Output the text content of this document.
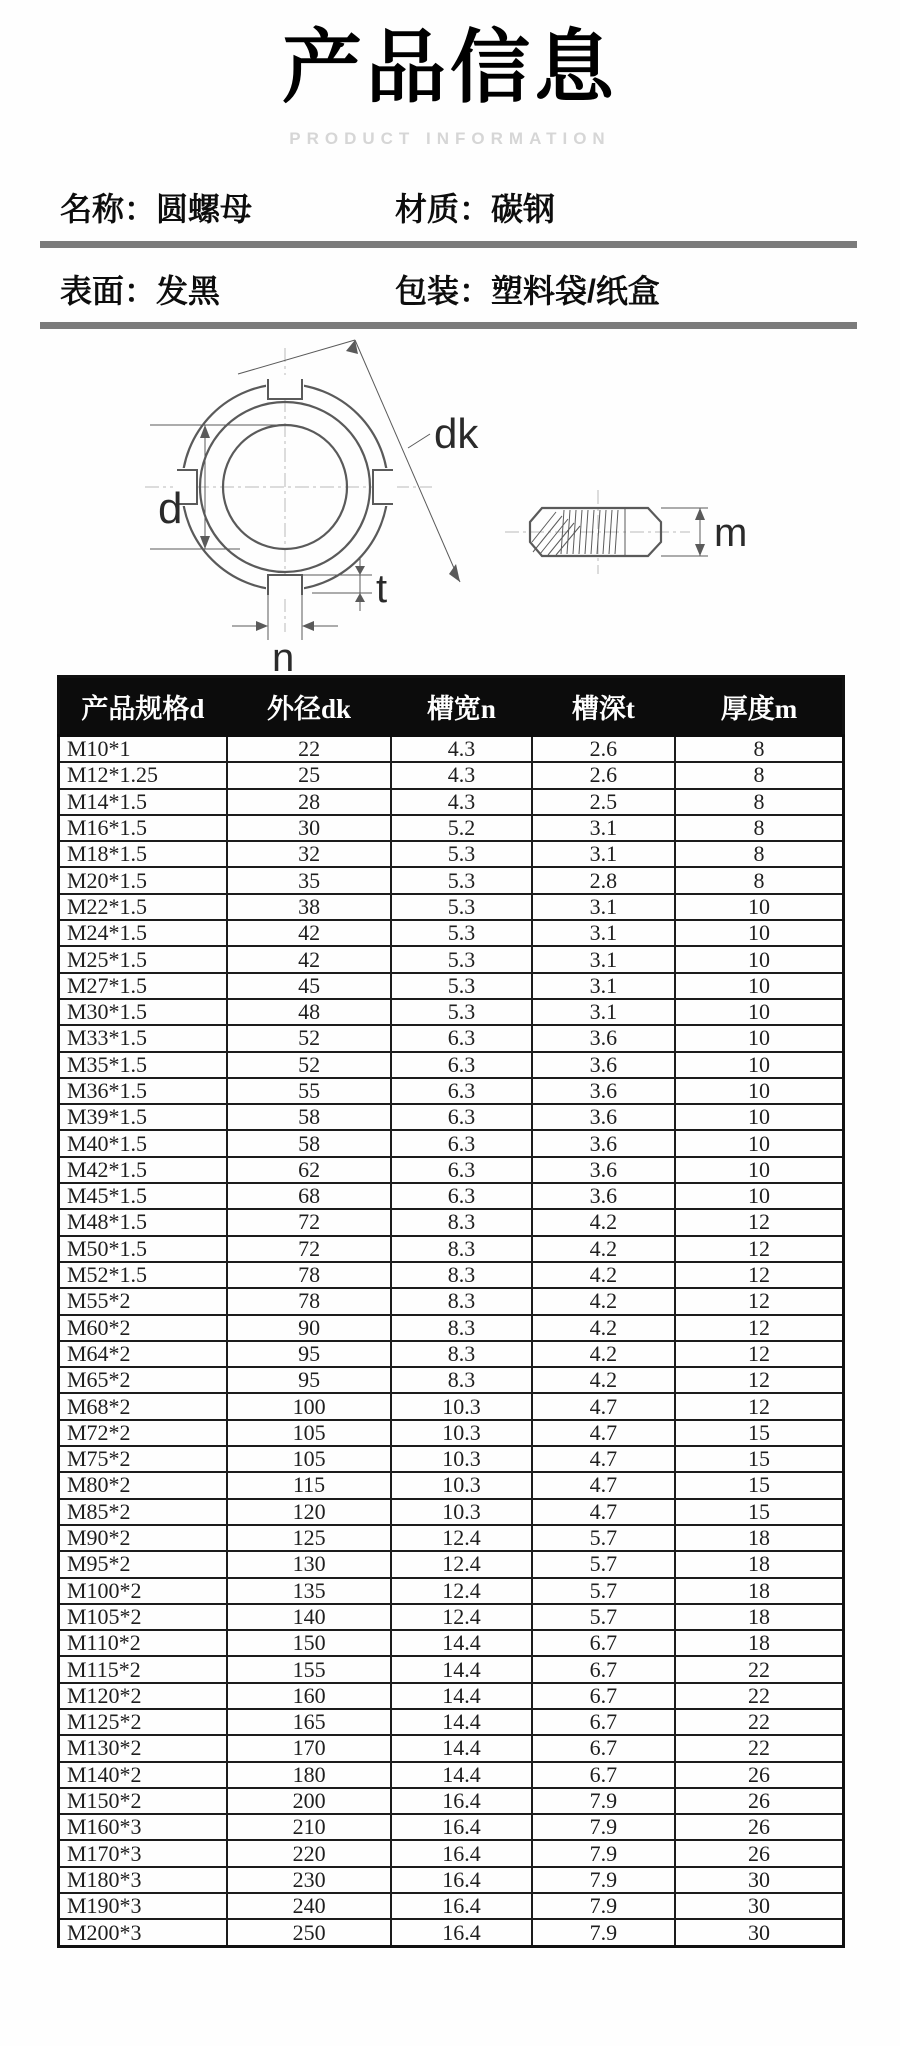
产品信息
PRODUCT INFORMATION
名称：圆螺母	材质：碳钢
表面：发黑	包装：塑料袋/纸盒
d
dk
t
n
m
产品规格d	外径dk	槽宽n	槽深t	厚度m
M10*1	22	4.3	2.6	8
M12*1.25	25	4.3	2.6	8
M14*1.5	28	4.3	2.5	8
M16*1.5	30	5.2	3.1	8
M18*1.5	32	5.3	3.1	8
M20*1.5	35	5.3	2.8	8
M22*1.5	38	5.3	3.1	10
M24*1.5	42	5.3	3.1	10
M25*1.5	42	5.3	3.1	10
M27*1.5	45	5.3	3.1	10
M30*1.5	48	5.3	3.1	10
M33*1.5	52	6.3	3.6	10
M35*1.5	52	6.3	3.6	10
M36*1.5	55	6.3	3.6	10
M39*1.5	58	6.3	3.6	10
M40*1.5	58	6.3	3.6	10
M42*1.5	62	6.3	3.6	10
M45*1.5	68	6.3	3.6	10
M48*1.5	72	8.3	4.2	12
M50*1.5	72	8.3	4.2	12
M52*1.5	78	8.3	4.2	12
M55*2	78	8.3	4.2	12
M60*2	90	8.3	4.2	12
M64*2	95	8.3	4.2	12
M65*2	95	8.3	4.2	12
M68*2	100	10.3	4.7	12
M72*2	105	10.3	4.7	15
M75*2	105	10.3	4.7	15
M80*2	115	10.3	4.7	15
M85*2	120	10.3	4.7	15
M90*2	125	12.4	5.7	18
M95*2	130	12.4	5.7	18
M100*2	135	12.4	5.7	18
M105*2	140	12.4	5.7	18
M110*2	150	14.4	6.7	18
M115*2	155	14.4	6.7	22
M120*2	160	14.4	6.7	22
M125*2	165	14.4	6.7	22
M130*2	170	14.4	6.7	22
M140*2	180	14.4	6.7	26
M150*2	200	16.4	7.9	26
M160*3	210	16.4	7.9	26
M170*3	220	16.4	7.9	26
M180*3	230	16.4	7.9	30
M190*3	240	16.4	7.9	30
M200*3	250	16.4	7.9	30
